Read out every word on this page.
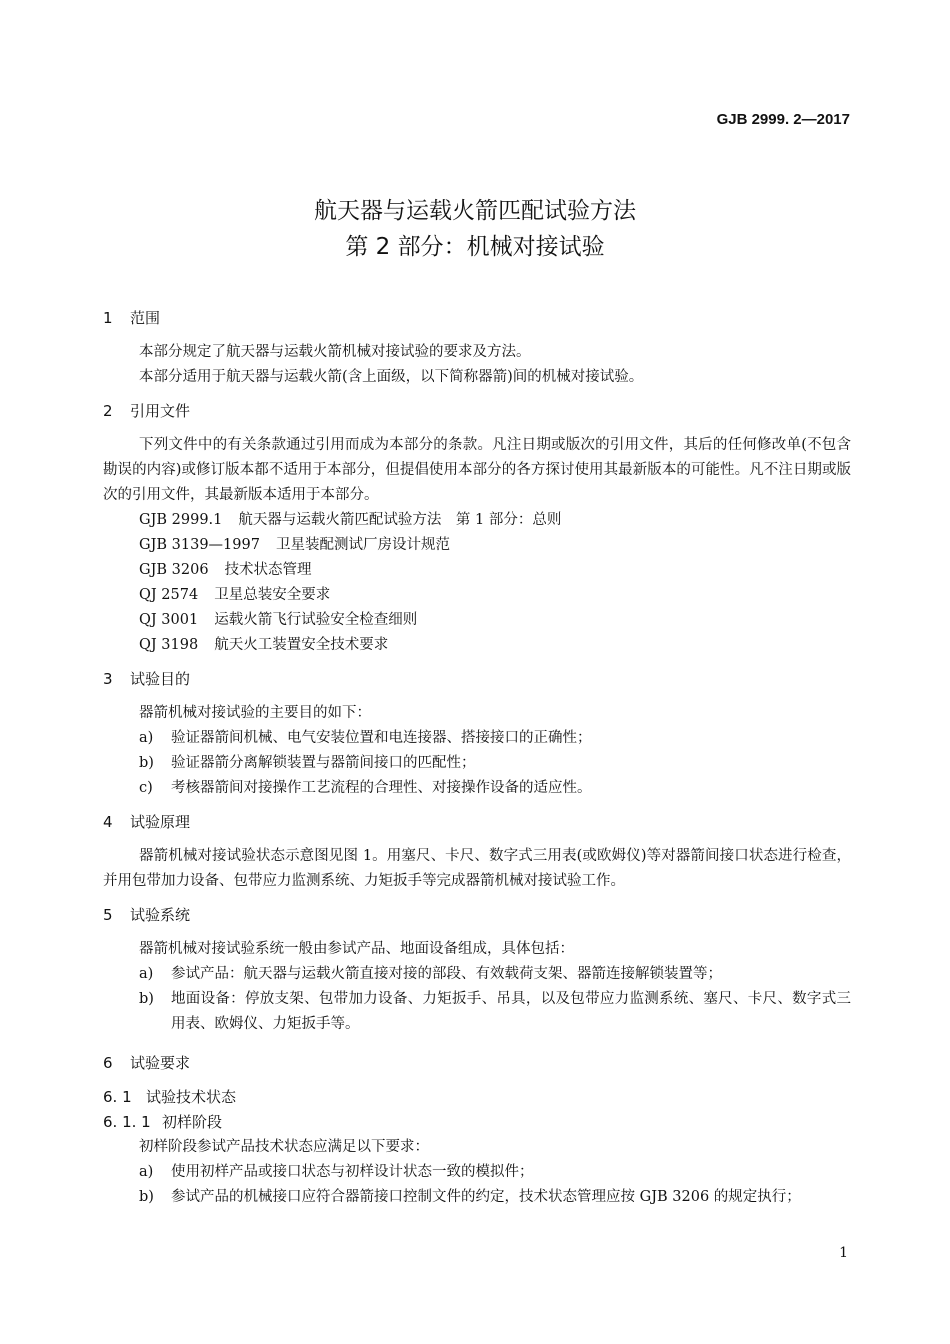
GJB 2999. 2—2017
航天器与运载火箭匹配试验方法
第 2 部分：机械对接试验
1 范围
本部分规定了航天器与运载火箭机械对接试验的要求及方法。
本部分适用于航天器与运载火箭(含上面级，以下简称器箭)间的机械对接试验。
2 引用文件
下列文件中的有关条款通过引用而成为本部分的条款。凡注日期或版次的引用文件，其后的任何修改单(不包含勘误的内容)或修订版本都不适用于本部分，但提倡使用本部分的各方探讨使用其最新版本的可能性。凡不注日期或版次的引用文件，其最新版本适用于本部分。
GJB 2999.1 航天器与运载火箭匹配试验方法　第 1 部分：总则
GJB 3139—1997 卫星装配测试厂房设计规范
GJB 3206 技术状态管理
QJ 2574 卫星总装安全要求
QJ 3001 运载火箭飞行试验安全检查细则
QJ 3198 航天火工装置安全技术要求
3 试验目的
器箭机械对接试验的主要目的如下：
a) 验证器箭间机械、电气安装位置和电连接器、搭接接口的正确性；
b) 验证器箭分离解锁装置与器箭间接口的匹配性；
c) 考核器箭间对接操作工艺流程的合理性、对接操作设备的适应性。
4 试验原理
器箭机械对接试验状态示意图见图 1。用塞尺、卡尺、数字式三用表(或欧姆仪)等对器箭间接口状态进行检查，并用包带加力设备、包带应力监测系统、力矩扳手等完成器箭机械对接试验工作。
5 试验系统
器箭机械对接试验系统一般由参试产品、地面设备组成，具体包括：
a) 参试产品：航天器与运载火箭直接对接的部段、有效载荷支架、器箭连接解锁装置等；
b) 地面设备：停放支架、包带加力设备、力矩扳手、吊具，以及包带应力监测系统、塞尺、卡尺、数字式三用表、欧姆仪、力矩扳手等。
6 试验要求
6. 1 试验技术状态
6. 1. 1 初样阶段
初样阶段参试产品技术状态应满足以下要求：
a) 使用初样产品或接口状态与初样设计状态一致的模拟件；
b) 参试产品的机械接口应符合器箭接口控制文件的约定，技术状态管理应按 GJB 3206 的规定执行；
1
